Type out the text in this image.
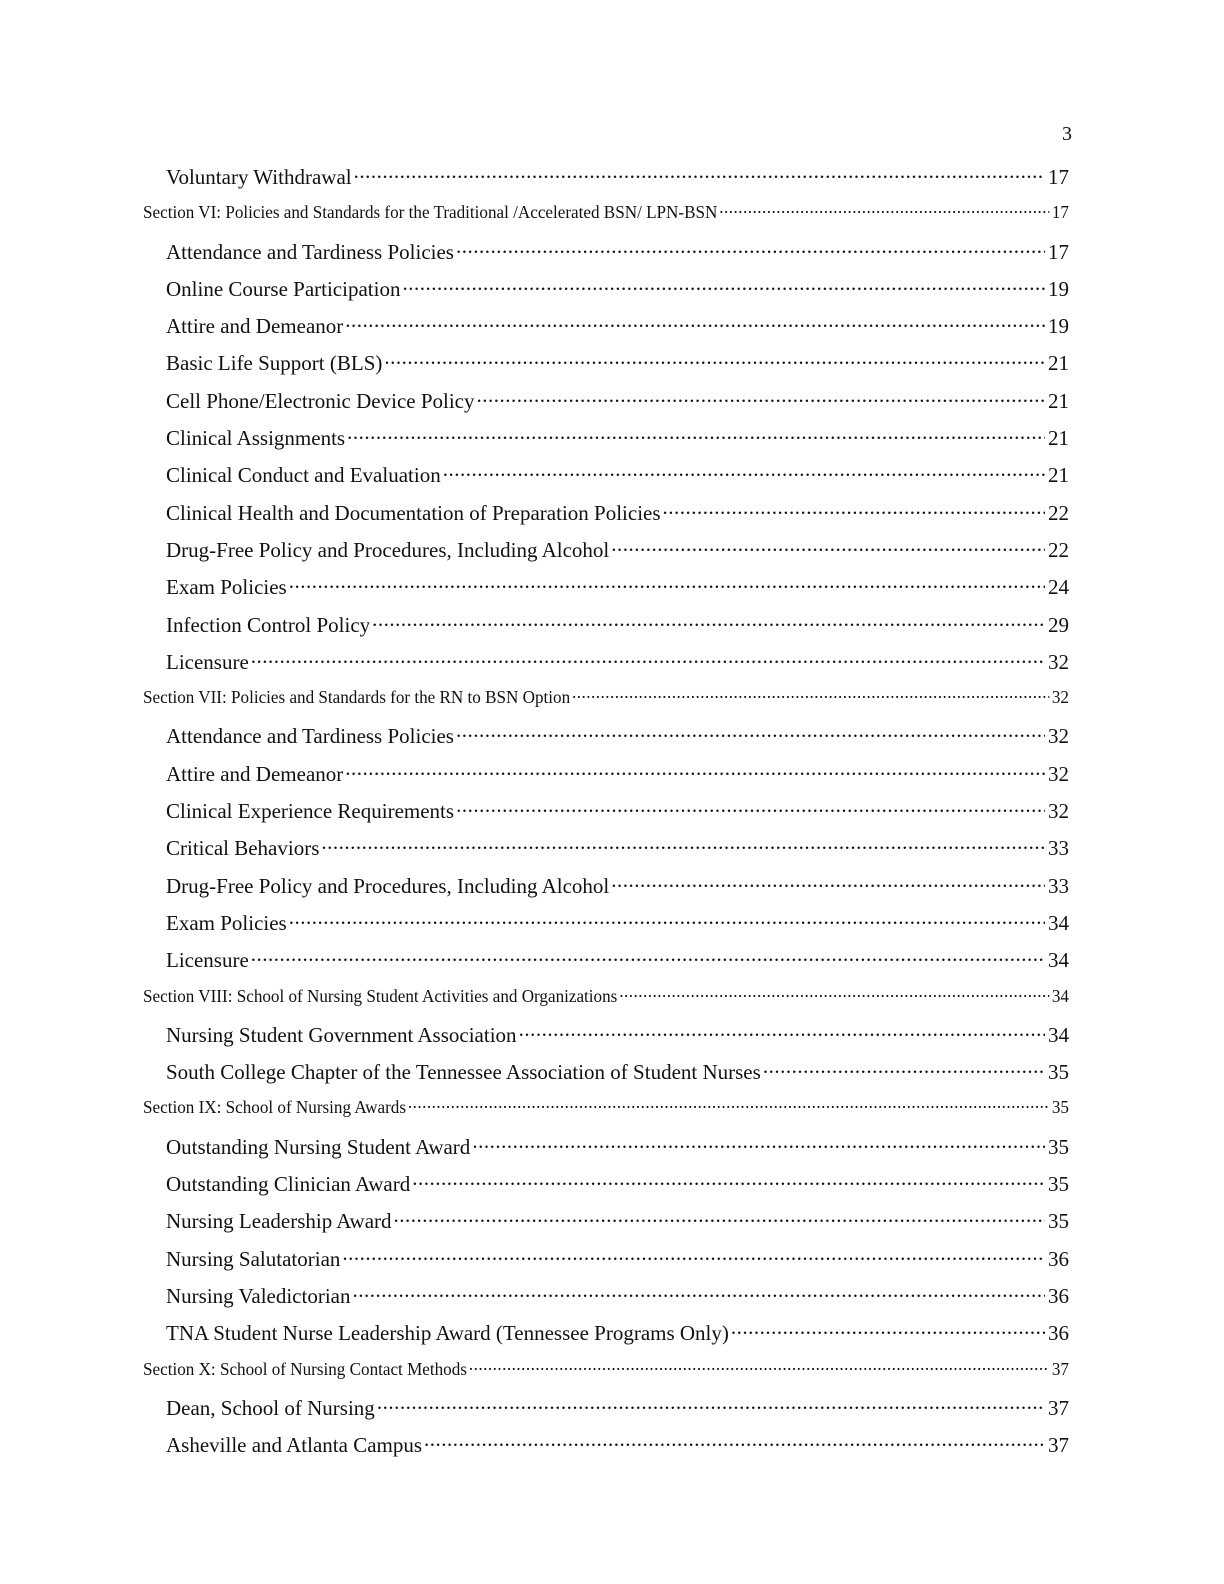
3
Voluntary Withdrawal .....	17
Section VI: Policies and Standards for the Traditional /Accelerated BSN/ LPN-BSN .....	17
Attendance and Tardiness Policies .....	17
Online Course Participation .....	19
Attire and Demeanor .....	19
Basic Life Support (BLS) .....	21
Cell Phone/Electronic Device Policy .....	21
Clinical Assignments .....	21
Clinical Conduct and Evaluation .....	21
Clinical Health and Documentation of Preparation Policies .....	22
Drug-Free Policy and Procedures, Including Alcohol .....	22
Exam Policies .....	24
Infection Control Policy .....	29
Licensure .....	32
Section VII: Policies and Standards for the RN to BSN Option .....	32
Attendance and Tardiness Policies .....	32
Attire and Demeanor .....	32
Clinical Experience Requirements .....	32
Critical Behaviors .....	33
Drug-Free Policy and Procedures, Including Alcohol .....	33
Exam Policies .....	34
Licensure .....	34
Section VIII: School of Nursing Student Activities and Organizations .....	34
Nursing Student Government Association .....	34
South College Chapter of the Tennessee Association of Student Nurses .....	35
Section IX: School of Nursing Awards .....	35
Outstanding Nursing Student Award .....	35
Outstanding Clinician Award .....	35
Nursing Leadership Award .....	35
Nursing Salutatorian .....	36
Nursing Valedictorian .....	36
TNA Student Nurse Leadership Award (Tennessee Programs Only) .....	36
Section X: School of Nursing Contact Methods .....	37
Dean, School of Nursing .....	37
Asheville and Atlanta Campus .....	37
